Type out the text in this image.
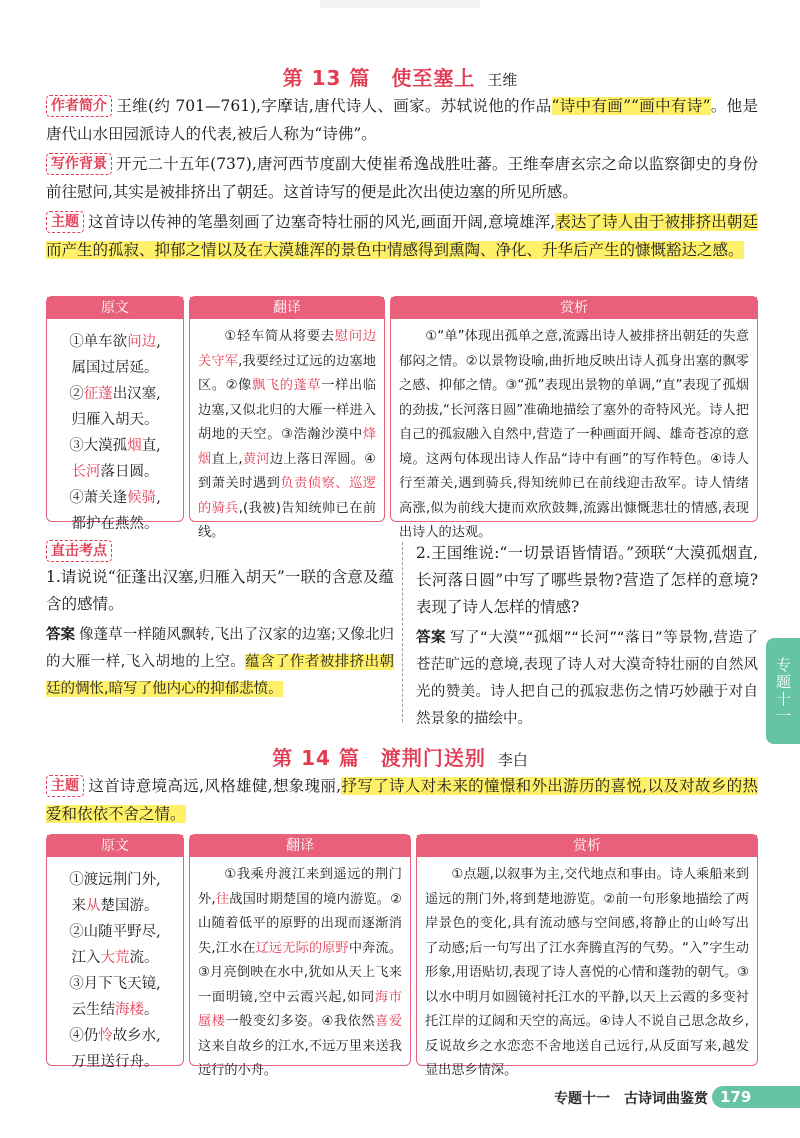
第 13 篇　使至塞上 王维
作者简介 王维(约 701—761),字摩诘,唐代诗人、画家。苏轼说他的作品“诗中有画”“画中有诗”。他是唐代山水田园派诗人的代表,被后人称为“诗佛”。
写作背景 开元二十五年(737),唐河西节度副大使崔希逸战胜吐蕃。王维奉唐玄宗之命以监察御史的身份前往慰问,其实是被排挤出了朝廷。这首诗写的便是此次出使边塞的所见所感。
主题 这首诗以传神的笔墨刻画了边塞奇特壮丽的风光,画面开阔,意境雄浑,表达了诗人由于被排挤出朝廷而产生的孤寂、抑郁之情以及在大漠雄浑的景色中情感得到熏陶、净化、升华后产生的慷慨豁达之感。
原文
①单车欲问边,
属国过居延。
②征蓬出汉塞,
归雁入胡天。
③大漠孤烟直,
长河落日圆。
④萧关逢候骑,
都护在燕然。
翻译
①轻车简从将要去慰问边关守军,我要经过辽远的边塞地区。②像飘飞的蓬草一样出临边塞,又似北归的大雁一样进入胡地的天空。③浩瀚沙漠中烽烟直上,黄河边上落日浑圆。④到萧关时遇到负责侦察、巡逻的骑兵,(我被)告知统帅已在前线。
赏析
①“单”体现出孤单之意,流露出诗人被排挤出朝廷的失意郁闷之情。②以景物设喻,曲折地反映出诗人孤身出塞的飘零之感、抑郁之情。③“孤”表现出景物的单调,“直”表现了孤烟的劲拔,“长河落日圆”准确地描绘了塞外的奇特风光。诗人把自己的孤寂融入自然中,营造了一种画面开阔、雄奇苍凉的意境。这两句体现出诗人作品“诗中有画”的写作特色。④诗人行至萧关,遇到骑兵,得知统帅已在前线迎击敌军。诗人情绪高涨,似为前线大捷而欢欣鼓舞,流露出慷慨悲壮的情感,表现出诗人的达观。
直击考点
1.请说说“征蓬出汉塞,归雁入胡天”一联的含意及蕴含的感情。
答案 像蓬草一样随风飘转,飞出了汉家的边塞;又像北归的大雁一样,飞入胡地的上空。蕴含了作者被排挤出朝廷的惆怅,暗写了他内心的抑郁悲愤。
2.王国维说:“一切景语皆情语。”颈联“大漠孤烟直,长河落日圆”中写了哪些景物?营造了怎样的意境?表现了诗人怎样的情感?
答案 写了“大漠”“孤烟”“长河”“落日”等景物,营造了苍茫旷远的意境,表现了诗人对大漠奇特壮丽的自然风光的赞美。诗人把自己的孤寂悲伤之情巧妙融于对自然景象的描绘中。	专题十一
第 14 篇　渡荆门送别 李白
主题 这首诗意境高远,风格雄健,想象瑰丽,抒写了诗人对未来的憧憬和外出游历的喜悦,以及对故乡的热爱和依依不舍之情。
原文
①渡远荆门外,
来从楚国游。
②山随平野尽,
江入大荒流。
③月下飞天镜,
云生结海楼。
④仍怜故乡水,
万里送行舟。
翻译
①我乘舟渡江来到遥远的荆门外,往战国时期楚国的境内游览。②山随着低平的原野的出现而逐渐消失,江水在辽远无际的原野中奔流。③月亮倒映在水中,犹如从天上飞来一面明镜,空中云霞兴起,如同海市蜃楼一般变幻多姿。④我依然喜爱这来自故乡的江水,不远万里来送我远行的小舟。
赏析
①点题,以叙事为主,交代地点和事由。诗人乘船来到遥远的荆门外,将到楚地游览。②前一句形象地描绘了两岸景色的变化,具有流动感与空间感,将静止的山岭写出了动感;后一句写出了江水奔腾直泻的气势。“入”字生动形象,用语贴切,表现了诗人喜悦的心情和蓬勃的朝气。③以水中明月如圆镜衬托江水的平静,以天上云霞的多变衬托江岸的辽阔和天空的高远。④诗人不说自己思念故乡,反说故乡之水恋恋不舍地送自己远行,从反面写来,越发显出思乡情深。
专题十一 古诗词曲鉴赏 179
